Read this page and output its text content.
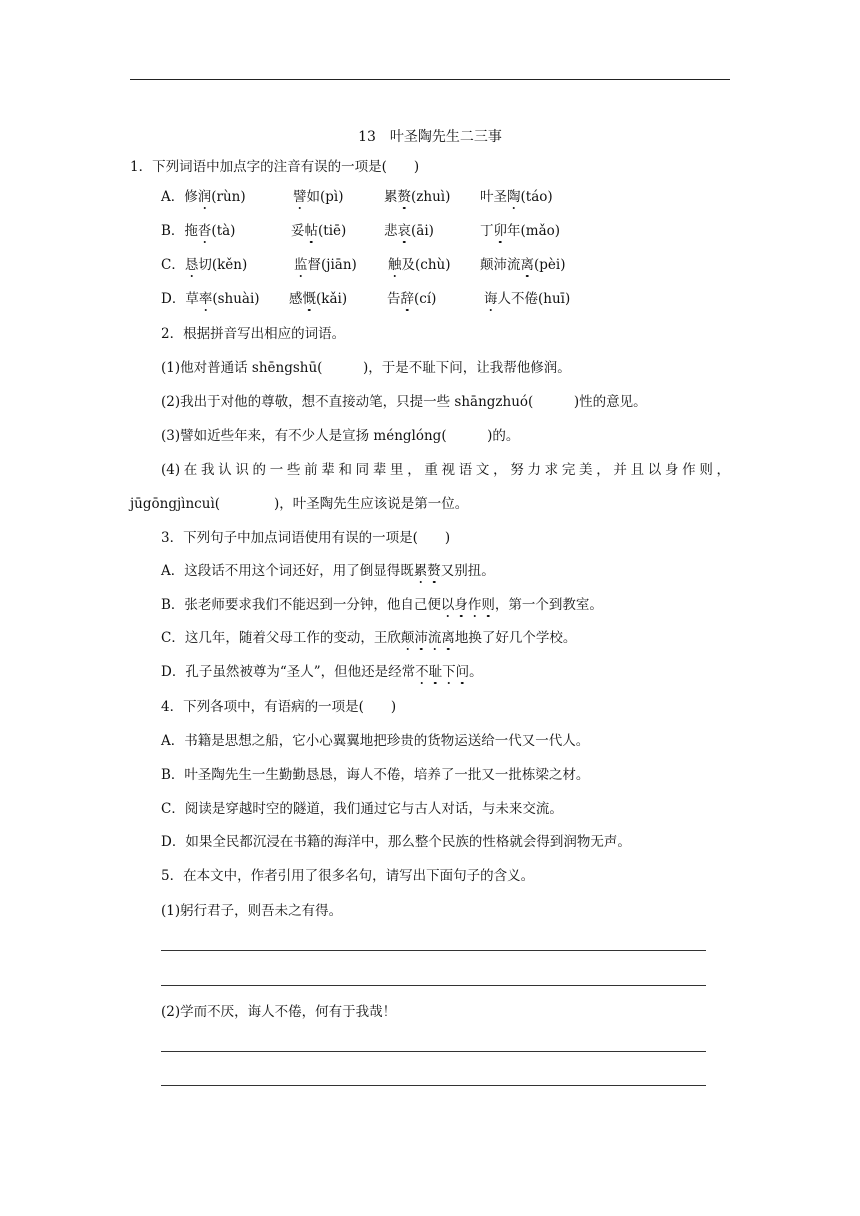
13　叶圣陶先生二三事
1．下列词语中加点字的注音有误的一项是(　　)
A．修润(rùn)	譬如(pì)	累赘(zhuì) 叶圣陶(táo)
B．拖沓(tà)	妥帖(tiē)	悲哀(āi)	丁卯年(mǎo)
C．恳切(kěn)	监督(jiān) 触及(chù) 颠沛流离(pèi)
D．草率(shuài) 感慨(kǎi)	告辞(cí)	诲人不倦(huī)
2．根据拼音写出相应的词语。
(1)他对普通话 shēngshū(　　　)，于是不耻下问，让我帮他修润。
(2)我出于对他的尊敬，想不直接动笔，只提一些 shāngzhuó(　　　)性的意见。
(3)譬如近些年来，有不少人是宣扬 ménglóng(　　　)的。
(4)在我认识的一些前辈和同辈里，重视语文，努力求完美，并且以身作则，
jūgōngjìncuì(　　　　)，叶圣陶先生应该说是第一位。
3．下列句子中加点词语使用有误的一项是(　　)
A．这段话不用这个词还好，用了倒显得既累赘又别扭。
B．张老师要求我们不能迟到一分钟，他自己便以身作则，第一个到教室。
C．这几年，随着父母工作的变动，王欣颠沛流离地换了好几个学校。
D．孔子虽然被尊为“圣人”，但他还是经常不耻下问。
4．下列各项中，有语病的一项是(　　)
A．书籍是思想之船，它小心翼翼地把珍贵的货物运送给一代又一代人。
B．叶圣陶先生一生勤勤恳恳，诲人不倦，培养了一批又一批栋梁之材。
C．阅读是穿越时空的隧道，我们通过它与古人对话，与未来交流。
D．如果全民都沉浸在书籍的海洋中，那么整个民族的性格就会得到润物无声。
5．在本文中，作者引用了很多名句，请写出下面句子的含义。
(1)躬行君子，则吾未之有得。
(2)学而不厌，诲人不倦，何有于我哉！
